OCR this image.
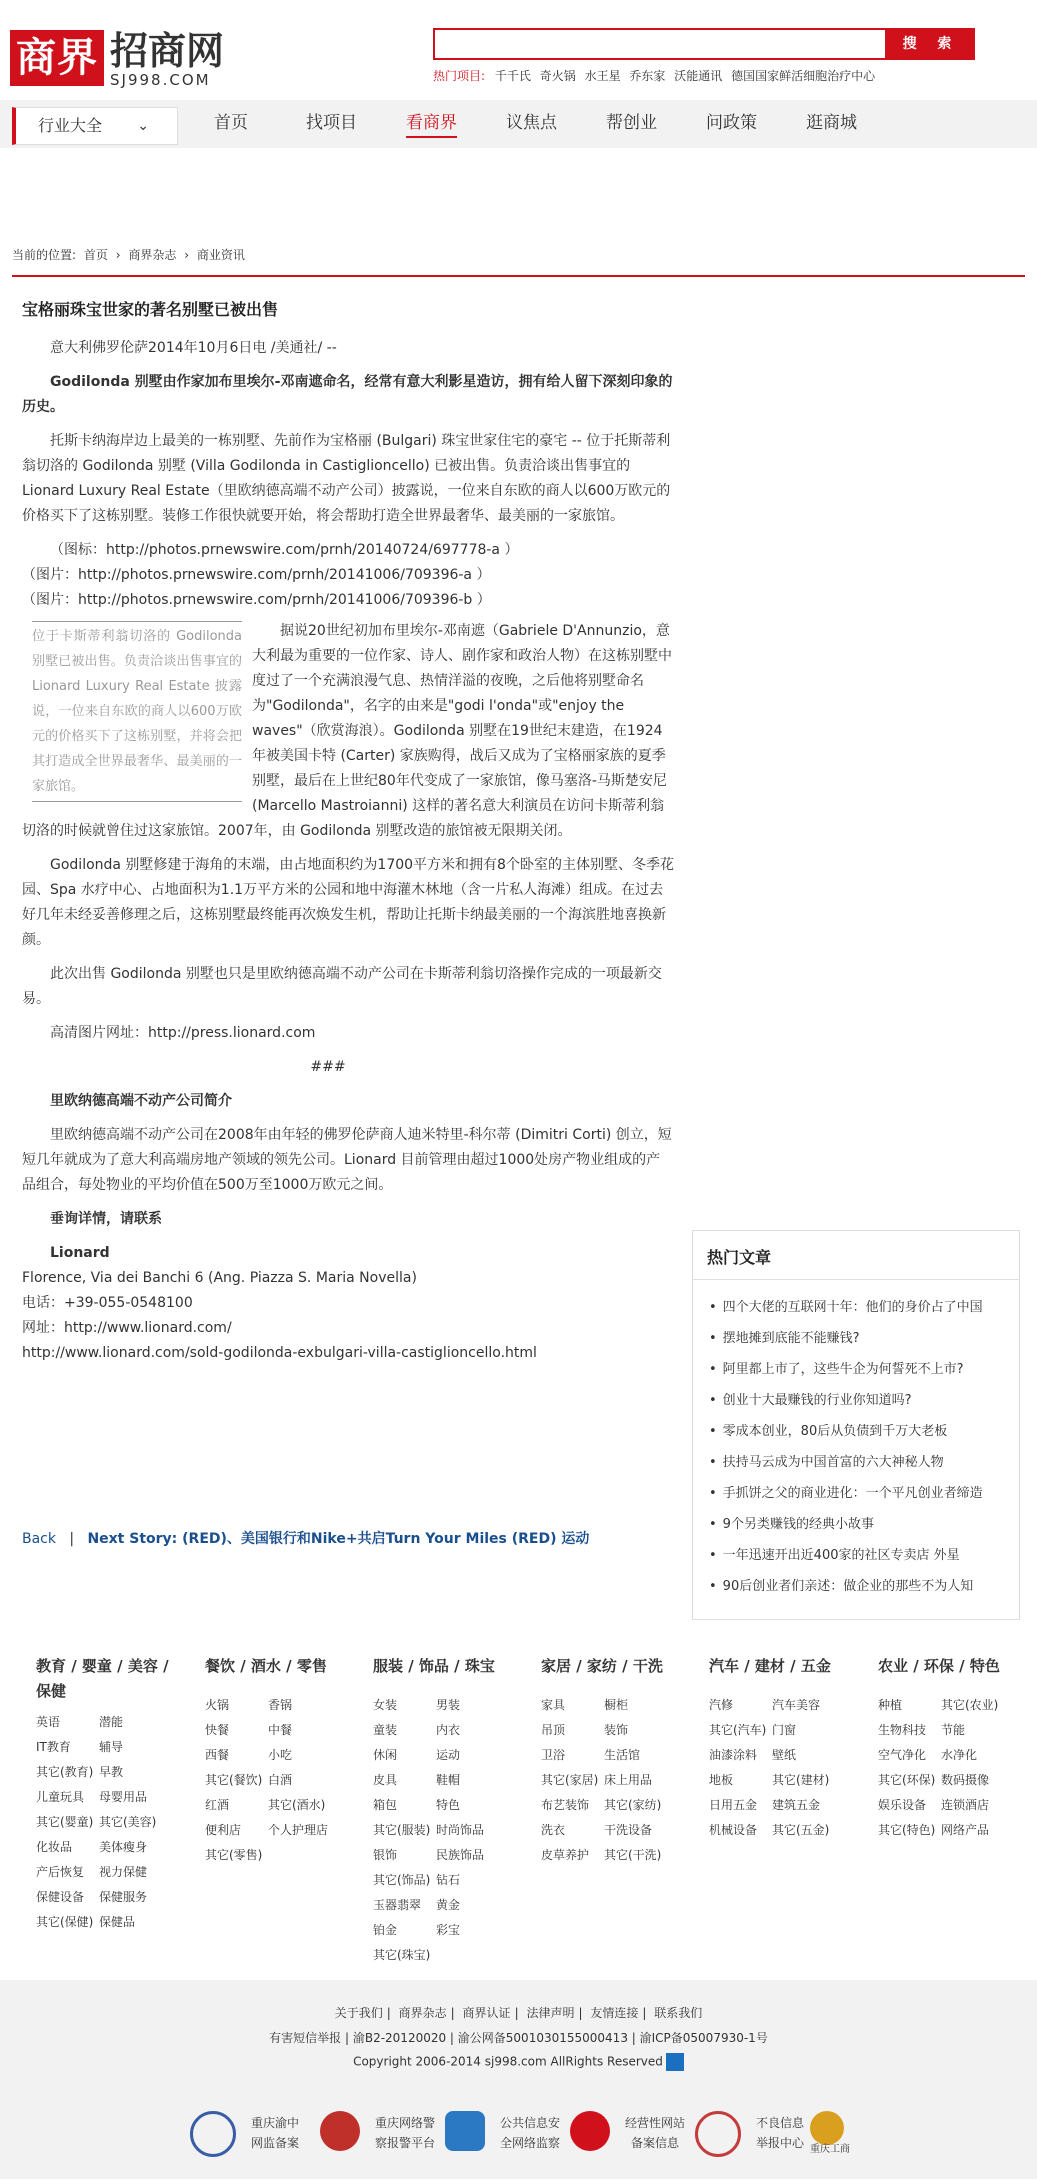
商界 招商网
SJ998.COM
搜 索
热门项目: 千千氏 奇火锅 水王星 乔东家 沃能通讯 德国国家鲜活细胞治疗中心
行业大全	⌄	首页	找项目	看商界	议焦点	帮创业	问政策	逛商城
当前的位置: 首页 › 商界杂志 › 商业资讯
宝格丽珠宝世家的著名别墅已被出售

意大利佛罗伦萨2014年10月6日电 /美通社/ --

Godilonda 别墅由作家加布里埃尔-邓南遮命名，经常有意大利影星造访，拥有给人留下深刻印象的历史。

托斯卡纳海岸边上最美的一栋别墅、先前作为宝格丽 (Bulgari) 珠宝世家住宅的豪宅 -- 位于托斯蒂利翁切洛的 Godilonda 别墅 (Villa Godilonda in Castiglioncello) 已被出售。负责洽谈出售事宜的 Lionard Luxury Real Estate（里欧纳德高端不动产公司）披露说，一位来自东欧的商人以600万欧元的价格买下了这栋别墅。装修工作很快就要开始，将会帮助打造全世界最奢华、最美丽的一家旅馆。

（图标：http://photos.prnewswire.com/prnh/20140724/697778-a ）

（图片：http://photos.prnewswire.com/prnh/20141006/709396-a ）

（图片：http://photos.prnewswire.com/prnh/20141006/709396-b ）

位于卡斯蒂利翁切洛的 Godilonda 别墅已被出售。负责洽谈出售事宜的 Lionard Luxury Real Estate 披露说，一位来自东欧的商人以600万欧元的价格买下了这栋别墅，并将会把其打造成全世界最奢华、最美丽的一家旅馆。

据说20世纪初加布里埃尔-邓南遮（Gabriele D'Annunzio，意大利最为重要的一位作家、诗人、剧作家和政治人物）在这栋别墅中度过了一个充满浪漫气息、热情洋溢的夜晚，之后他将别墅命名为"Godilonda"，名字的由来是"godi l'onda"或"enjoy the waves"（欣赏海浪）。Godilonda 别墅在19世纪末建造，在1924年被美国卡特 (Carter) 家族购得，战后又成为了宝格丽家族的夏季别墅，最后在上世纪80年代变成了一家旅馆，像马塞洛-马斯楚安尼 (Marcello Mastroianni) 这样的著名意大利演员在访问卡斯蒂利翁切洛的时候就曾住过这家旅馆。2007年，由 Godilonda 别墅改造的旅馆被无限期关闭。

Godilonda 别墅修建于海角的末端，由占地面积约为1700平方米和拥有8个卧室的主体别墅、冬季花园、Spa 水疗中心、占地面积为1.1万平方米的公园和地中海灌木林地（含一片私人海滩）组成。在过去好几年未经妥善修理之后，这栋别墅最终能再次焕发生机，帮助让托斯卡纳最美丽的一个海滨胜地喜换新颜。

此次出售 Godilonda 别墅也只是里欧纳德高端不动产公司在卡斯蒂利翁切洛操作完成的一项最新交易。

高清图片网址：http://press.lionard.com

###

里欧纳德高端不动产公司简介

里欧纳德高端不动产公司在2008年由年轻的佛罗伦萨商人迪米特里-科尔蒂 (Dimitri Corti) 创立，短短几年就成为了意大利高端房地产领域的领先公司。Lionard 目前管理由超过1000处房产物业组成的产品组合，每处物业的平均价值在500万至1000万欧元之间。

垂询详情，请联系

Lionard

Florence, Via dei Banchi 6 (Ang. Piazza S. Maria Novella)

电话：+39-055-0548100

网址：http://www.lionard.com/

http://www.lionard.com/sold-godilonda-exbulgari-villa-castiglioncello.html

Back | Next Story: (RED)、美国银行和Nike+共启Turn Your Miles (RED) 运动
热门文章
• 四个大佬的互联网十年：他们的身价占了中国
• 摆地摊到底能不能赚钱?
• 阿里都上市了，这些牛企为何誓死不上市?
• 创业十大最赚钱的行业你知道吗?
• 零成本创业，80后从负债到千万大老板
• 扶持马云成为中国首富的六大神秘人物
• 手抓饼之父的商业进化：一个平凡创业者缔造
• 9个另类赚钱的经典小故事
• 一年迅速开出近400家的社区专卖店 外星
• 90后创业者们亲述：做企业的那些不为人知
教育 / 婴童 / 美容 / 保健
英语	潜能
IT教育	辅导
其它(教育) 早教
儿童玩具	母婴用品
其它(婴童) 其它(美容)
化妆品	美体瘦身
产后恢复	视力保健
保健设备	保健服务
其它(保健) 保健品
餐饮 / 酒水 / 零售
火锅	香锅
快餐	中餐
西餐	小吃
其它(餐饮) 白酒
红酒	其它(酒水)
便利店	个人护理店
其它(零售)
服装 / 饰品 / 珠宝
女装	男装
童装	内衣
休闲	运动
皮具	鞋帽
箱包	特色
其它(服装) 时尚饰品
银饰	民族饰品
其它(饰品) 钻石
玉器翡翠	黄金
铂金	彩宝
其它(珠宝)
家居 / 家纺 / 干洗
家具	橱柜
吊顶	装饰
卫浴	生活馆
其它(家居) 床上用品
布艺装饰	其它(家纺)
洗衣	干洗设备
皮草养护	其它(干洗)
汽车 / 建材 / 五金
汽修	汽车美容
其它(汽车) 门窗
油漆涂料	壁纸
地板	其它(建材)
日用五金	建筑五金
机械设备	其它(五金)
农业 / 环保 / 特色
种植	其它(农业)
生物科技	节能
空气净化	水净化
其它(环保) 数码摄像
娱乐设备	连锁酒店
其它(特色) 网络产品
关于我们 | 商界杂志 | 商界认证 | 法律声明 | 友情连接 | 联系我们
有害短信举报 | 渝B2-20120020 | 渝公网备5001030155000413 | 渝ICP备05007930-1号
Copyright 2006-2014 sj998.com AllRights Reserved
重庆渝中
网监备案
重庆网络警
察报警平台
公共信息安
全网络监察
经营性网站
备案信息
不良信息
举报中心 重庆工商
